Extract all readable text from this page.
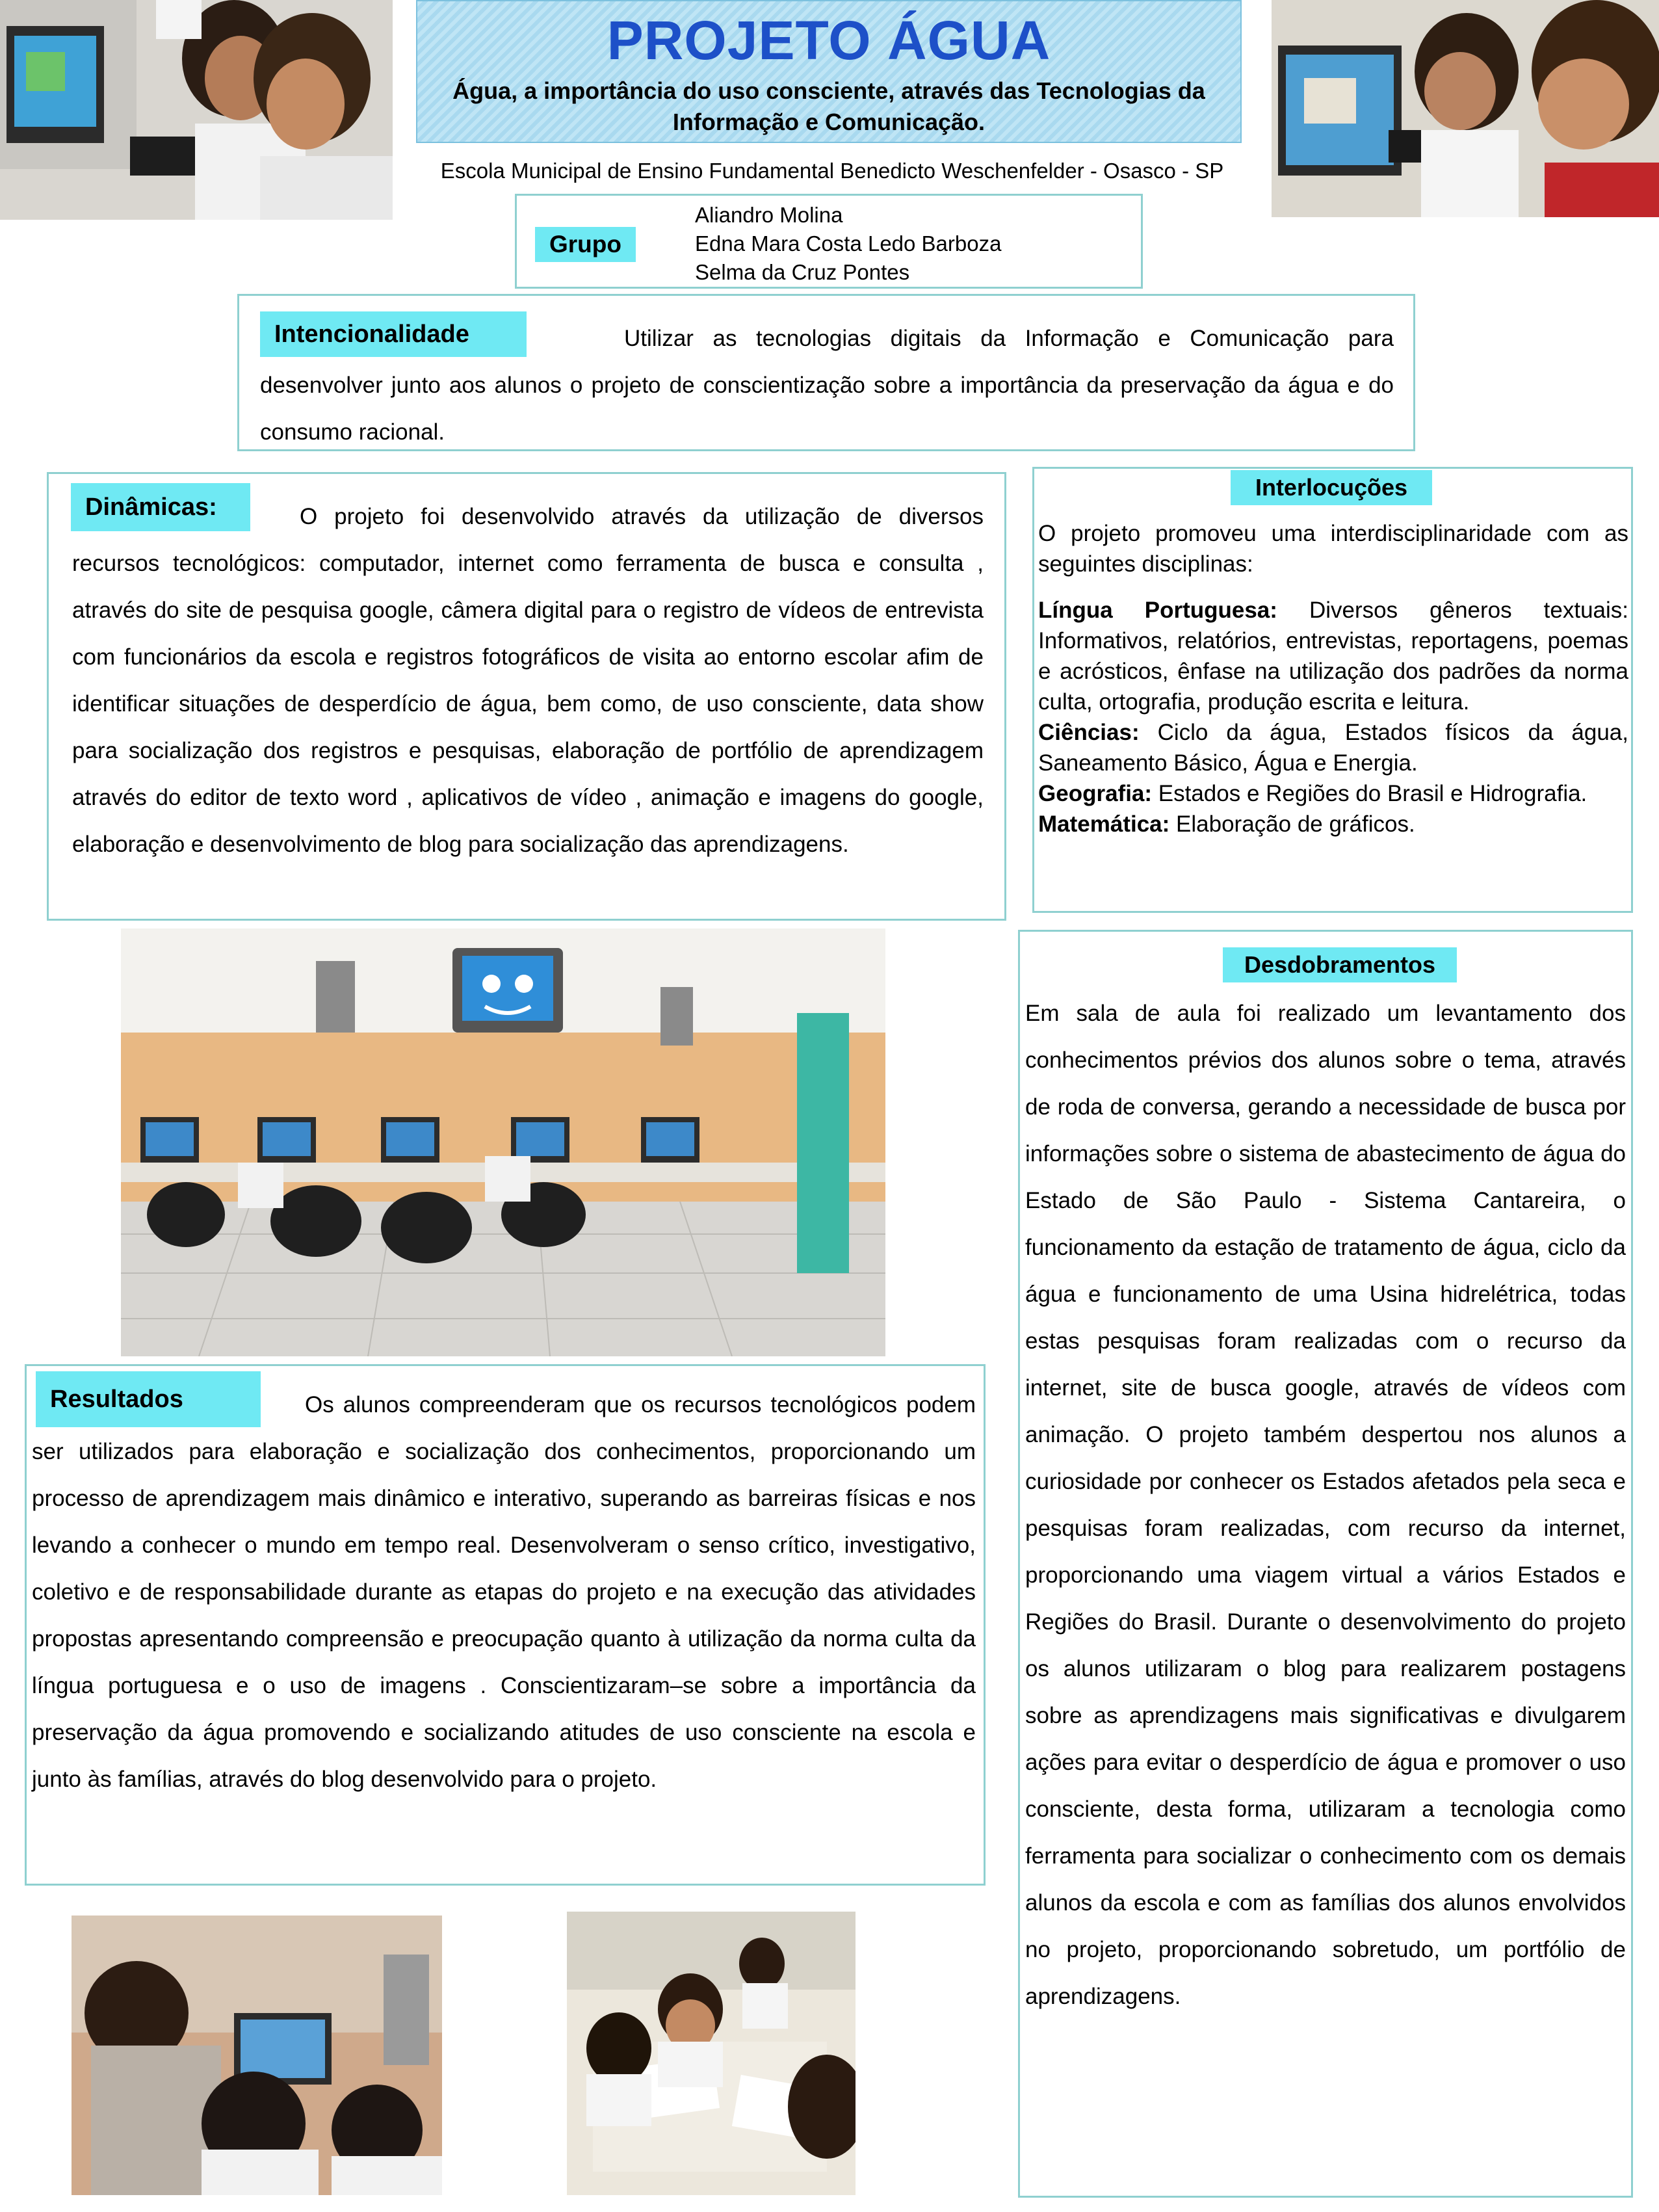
PROJETO ÁGUA
Água, a importância do uso consciente, através das Tecnologias da Informação e Comunicação.
Escola Municipal de Ensino Fundamental Benedicto Weschenfelder - Osasco - SP
Grupo
Aliandro Molina
Edna Mara Costa Ledo Barboza
Selma da Cruz Pontes
Utilizar as tecnologias digitais da Informação e Comunicação para desenvolver junto aos alunos o projeto de conscientização sobre a importância da preservação da água e do consumo racional.
Intencionalidade
O projeto foi desenvolvido através da utilização de diversos recursos tecnológicos: computador, internet como ferramenta de busca e consulta , através do site de pesquisa google, câmera digital para o registro de vídeos de entrevista com funcionários da escola e registros fotográficos de visita ao entorno escolar afim de identificar situações de desperdício de água, bem como, de uso consciente, data show para socialização dos registros e pesquisas, elaboração de portfólio de aprendizagem através do editor de texto word , aplicativos de vídeo , animação e imagens do google, elaboração e desenvolvimento de blog para socialização das aprendizagens.
Dinâmicas:
Interlocuções

O projeto promoveu uma interdisciplinaridade com as seguintes disciplinas:

Língua Portuguesa: Diversos gêneros textuais: Informativos, relatórios, entrevistas, reportagens, poemas e acrósticos, ênfase na utilização dos padrões da norma culta, ortografia, produção escrita e leitura.

Ciências: Ciclo da água, Estados físicos da água, Saneamento Básico, Água e Energia.

Geografia: Estados e Regiões do Brasil e Hidrografia.

Matemática: Elaboração de gráficos.

Desdobramentos
Em sala de aula foi realizado um levantamento dos conhecimentos prévios dos alunos sobre o tema, através de roda de conversa, gerando a necessidade de busca por informações sobre o sistema de abastecimento de água do Estado de São Paulo - Sistema Cantareira, o funcionamento da estação de tratamento de água, ciclo da água e funcionamento de uma Usina hidrelétrica, todas estas pesquisas foram realizadas com o recurso da internet, site de busca google, através de vídeos com animação. O projeto também despertou nos alunos a curiosidade por conhecer os Estados afetados pela seca e pesquisas foram realizadas, com recurso da internet, proporcionando uma viagem virtual a vários Estados e Regiões do Brasil. Durante o desenvolvimento do projeto os alunos utilizaram o blog para realizarem postagens sobre as aprendizagens mais significativas e divulgarem ações para evitar o desperdício de água e promover o uso consciente, desta forma, utilizaram a tecnologia como ferramenta para socializar o conhecimento com os demais alunos da escola e com as famílias dos alunos envolvidos no projeto, proporcionando sobretudo, um portfólio de aprendizagens.
Os alunos compreenderam que os recursos tecnológicos podem ser utilizados para elaboração e socialização dos conhecimentos, proporcionando um processo de aprendizagem mais dinâmico e interativo, superando as barreiras físicas e nos levando a conhecer o mundo em tempo real. Desenvolveram o senso crítico, investigativo, coletivo e de responsabilidade durante as etapas do projeto e na execução das atividades propostas apresentando compreensão e preocupação quanto à utilização da norma culta da língua portuguesa e o uso de imagens . Conscientizaram–se sobre a importância da preservação da água promovendo e socializando atitudes de uso consciente na escola e junto às famílias, através do blog desenvolvido para o projeto.
Resultados
